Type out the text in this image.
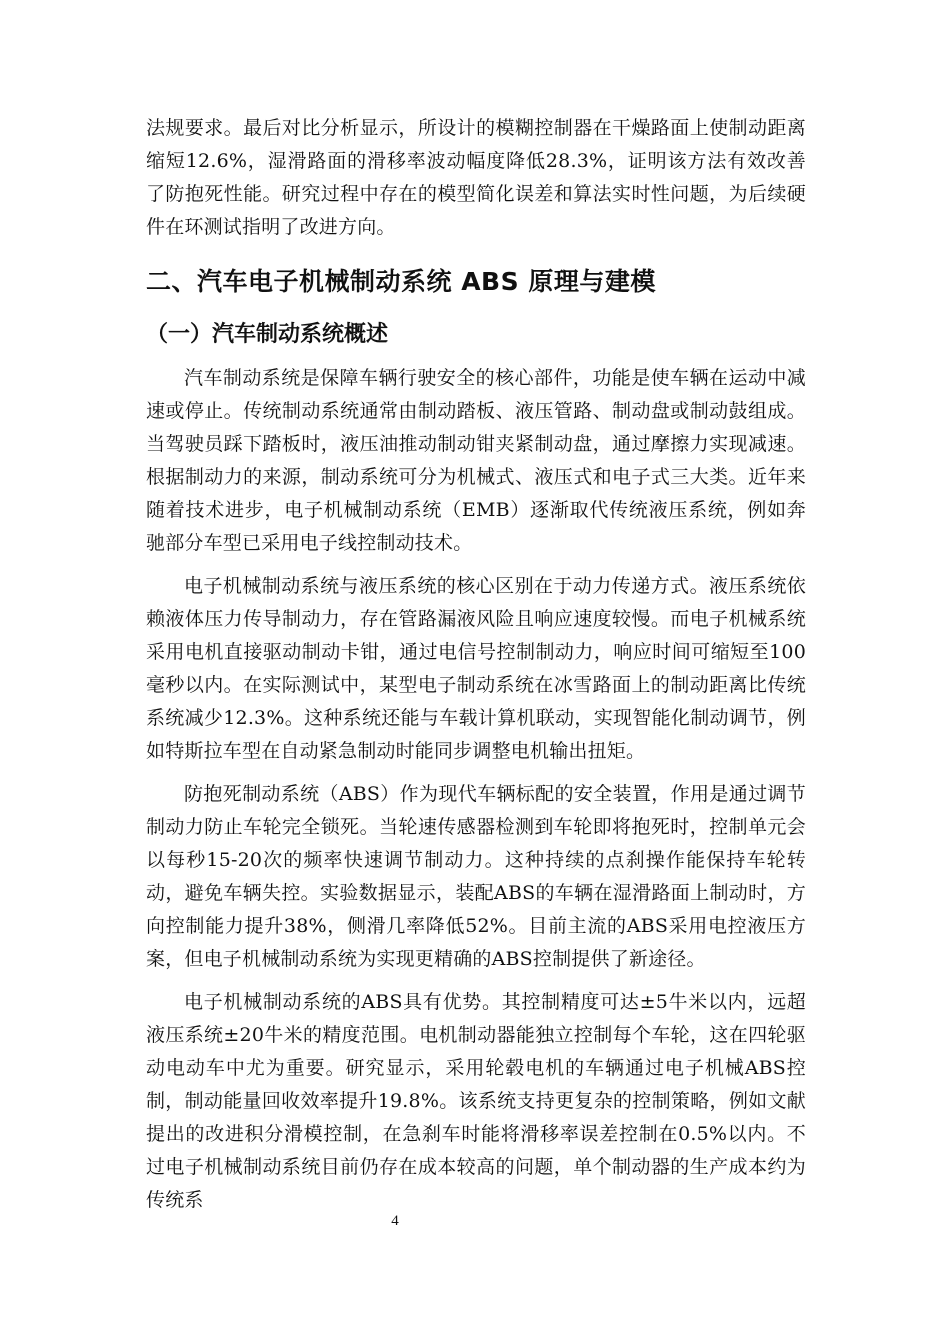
法规要求。最后对比分析显示，所设计的模糊控制器在干燥路面上使制动距离缩短12.6%，湿滑路面的滑移率波动幅度降低28.3%，证明该方法有效改善了防抱死性能。研究过程中存在的模型简化误差和算法实时性问题，为后续硬件在环测试指明了改进方向。

二、汽车电子机械制动系统 ABS 原理与建模
（一）汽车制动系统概述

汽车制动系统是保障车辆行驶安全的核心部件，功能是使车辆在运动中减速或停止。传统制动系统通常由制动踏板、液压管路、制动盘或制动鼓组成。当驾驶员踩下踏板时，液压油推动制动钳夹紧制动盘，通过摩擦力实现减速。根据制动力的来源，制动系统可分为机械式、液压式和电子式三大类。近年来随着技术进步，电子机械制动系统（EMB）逐渐取代传统液压系统，例如奔驰部分车型已采用电子线控制动技术。

电子机械制动系统与液压系统的核心区别在于动力传递方式。液压系统依赖液体压力传导制动力，存在管路漏液风险且响应速度较慢。而电子机械系统采用电机直接驱动制动卡钳，通过电信号控制制动力，响应时间可缩短至100毫秒以内。在实际测试中，某型电子制动系统在冰雪路面上的制动距离比传统系统减少12.3%。这种系统还能与车载计算机联动，实现智能化制动调节，例如特斯拉车型在自动紧急制动时能同步调整电机输出扭矩。

防抱死制动系统（ABS）作为现代车辆标配的安全装置，作用是通过调节制动力防止车轮完全锁死。当轮速传感器检测到车轮即将抱死时，控制单元会以每秒15-20次的频率快速调节制动力。这种持续的点刹操作能保持车轮转动，避免车辆失控。实验数据显示，装配ABS的车辆在湿滑路面上制动时，方向控制能力提升38%，侧滑几率降低52%。目前主流的ABS采用电控液压方案，但电子机械制动系统为实现更精确的ABS控制提供了新途径。

电子机械制动系统的ABS具有优势。其控制精度可达±5牛米以内，远超液压系统±20牛米的精度范围。电机制动器能独立控制每个车轮，这在四轮驱动电动车中尤为重要。研究显示，采用轮毂电机的车辆通过电子机械ABS控制，制动能量回收效率提升19.8%。该系统支持更复杂的控制策略，例如文献提出的改进积分滑模控制，在急刹车时能将滑移率误差控制在0.5%以内。不过电子机械制动系统目前仍存在成本较高的问题，单个制动器的生产成本约为传统系

4
